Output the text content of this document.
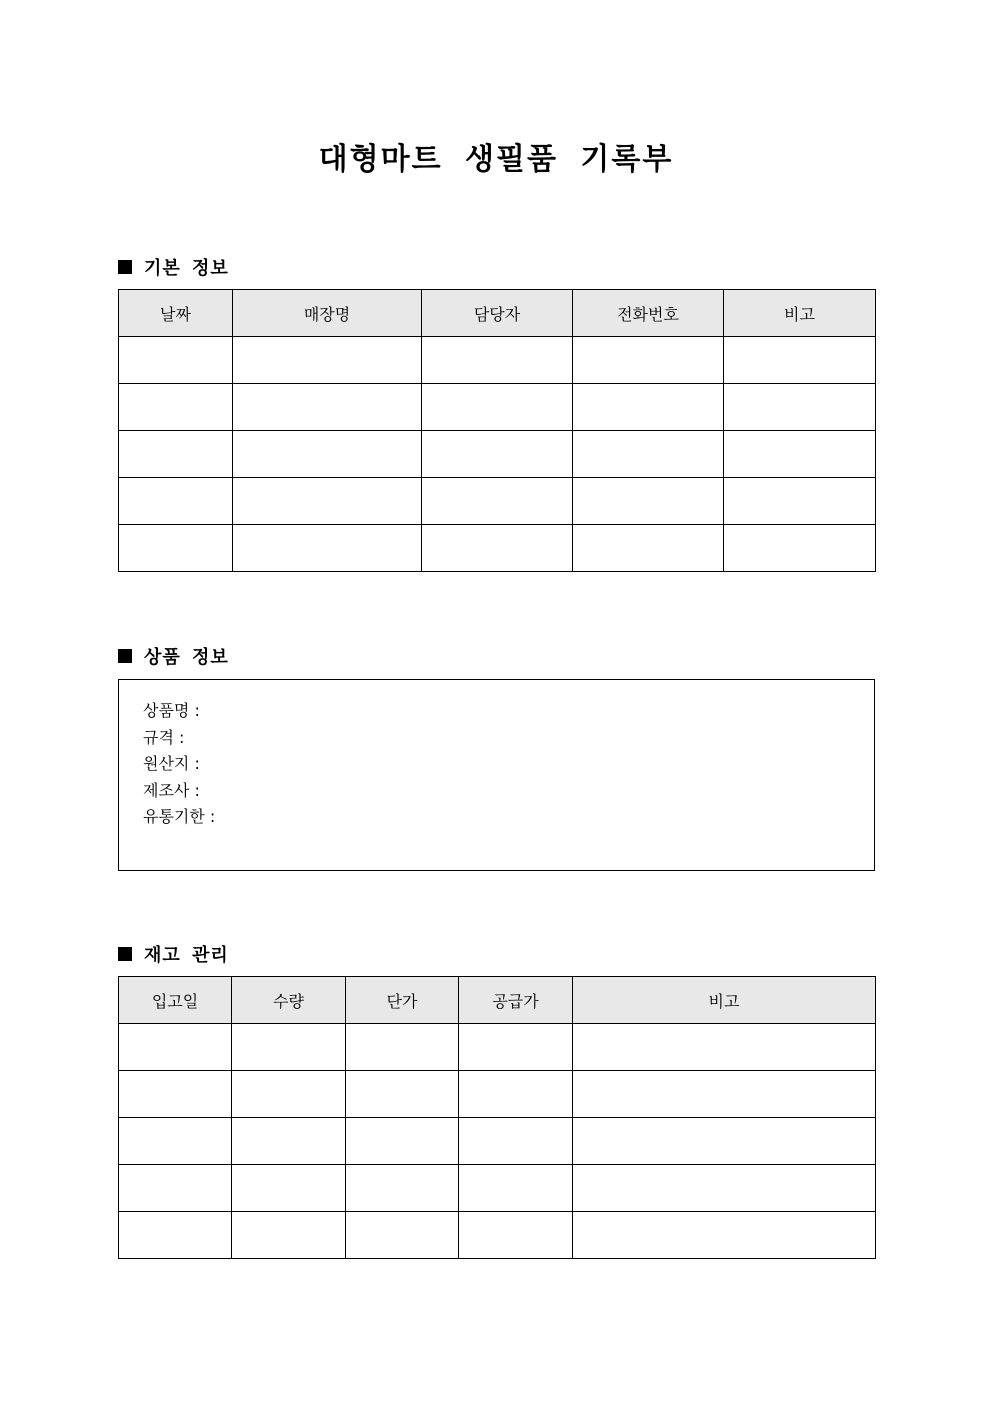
대형마트 생필품 기록부
기본 정보
날짜	매장명	담당자	전화번호	비고

상품 정보
상품명 :
규격 :
원산지 :
제조사 :
유통기한 :
재고 관리
입고일	수량	단가	공급가	비고
